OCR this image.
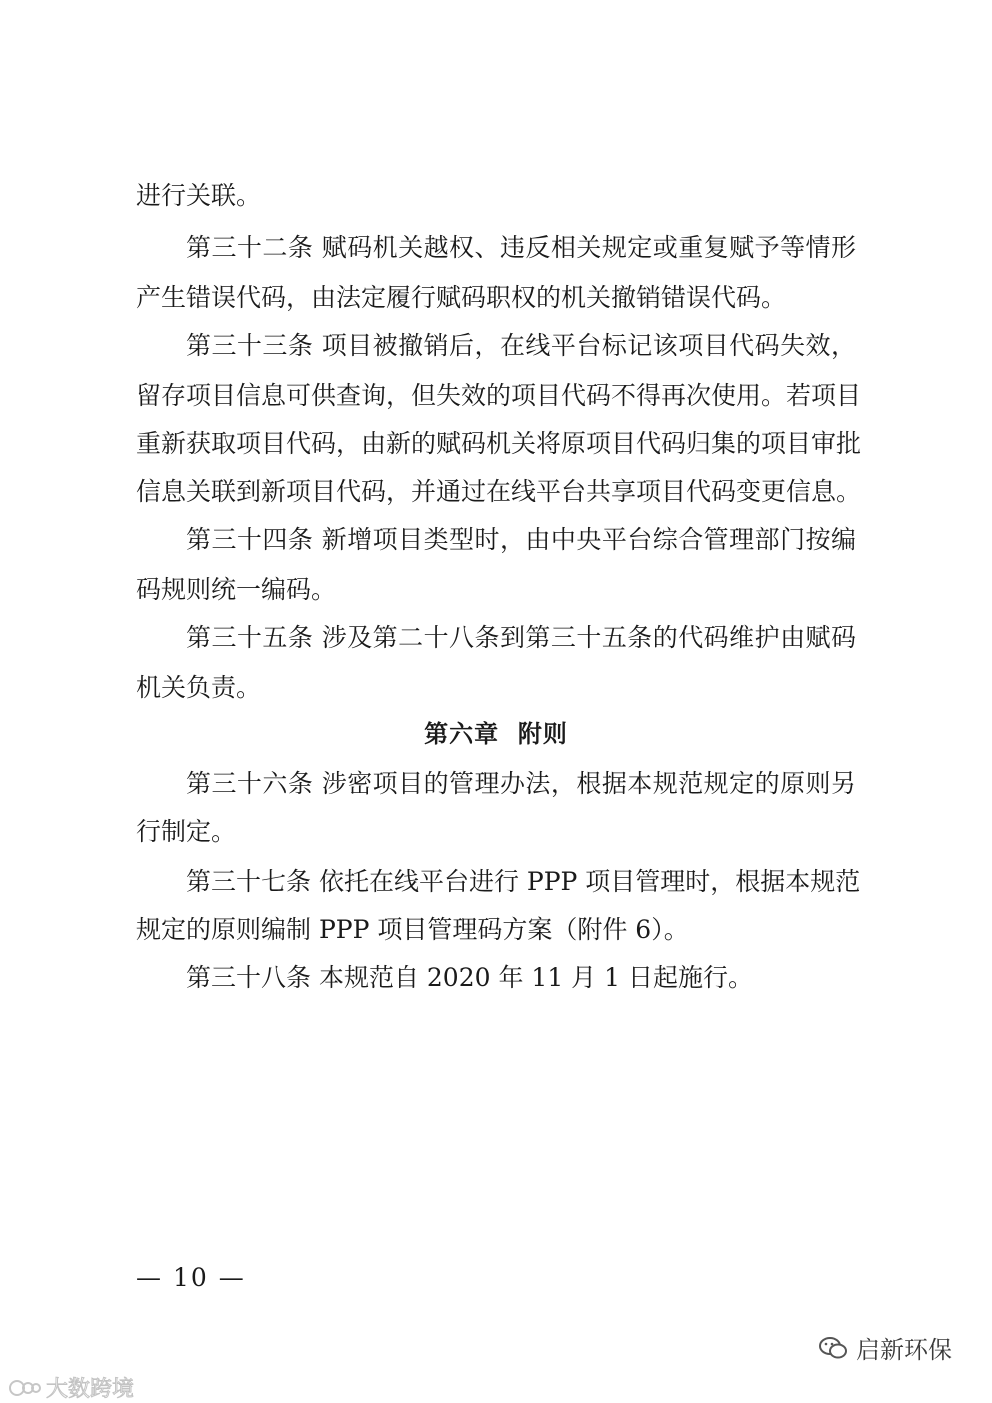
进行关联。
第三十二条 赋码机关越权、违反相关规定或重复赋予等情形
产生错误代码，由法定履行赋码职权的机关撤销错误代码。
第三十三条 项目被撤销后，在线平台标记该项目代码失效，
留存项目信息可供查询，但失效的项目代码不得再次使用。若项目
重新获取项目代码，由新的赋码机关将原项目代码归集的项目审批
信息关联到新项目代码，并通过在线平台共享项目代码变更信息。
第三十四条 新增项目类型时，由中央平台综合管理部门按编
码规则统一编码。
第三十五条 涉及第二十八条到第三十五条的代码维护由赋码
机关负责。
第六章  附则
第三十六条 涉密项目的管理办法，根据本规范规定的原则另
行制定。
第三十七条 依托在线平台进行 PPP 项目管理时，根据本规范
规定的原则编制 PPP 项目管理码方案（附件 6）。
第三十八条 本规范自 2020 年 11 月 1 日起施行。
— 10 —
启新环保
大数跨境
